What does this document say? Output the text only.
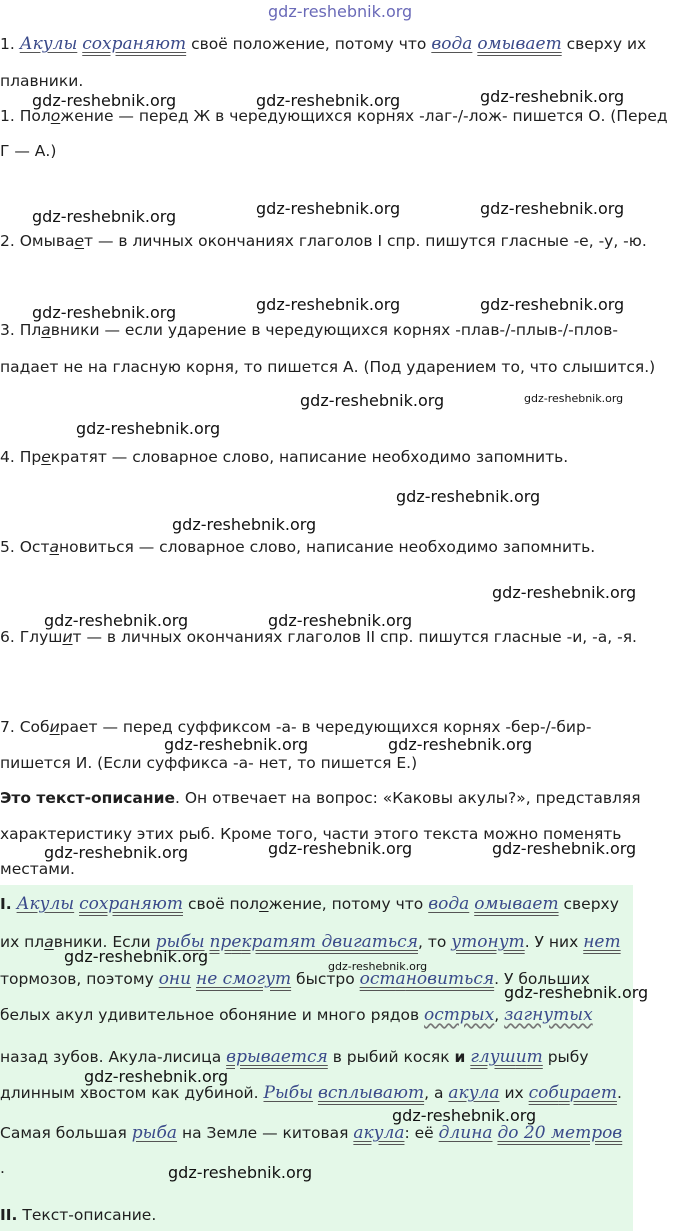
gdz-reshebnik.org
1. Акулы сохраняют своё положение, потому что вода омывает сверху их
плавники.
gdz-reshebnik.org	gdz-reshebnik.org	gdz-reshebnik.org
1. Положение — перед Ж в чередующихся корнях -лаг-/-лож- пишется О. (Перед
Г — А.)
gdz-reshebnik.org	gdz-reshebnik.org	gdz-reshebnik.org
2. Омывает — в личных окончаниях глаголов I спр. пишутся гласные -е, -у, -ю.
gdz-reshebnik.org	gdz-reshebnik.org	gdz-reshebnik.org
3. Плавники — если ударение в чередующихся корнях -плав-/-плыв-/-плов-
падает не на гласную корня, то пишется А. (Под ударением то, что слышится.)
gdz-reshebnik.org	gdz-reshebnik.org
gdz-reshebnik.org
4. Прекратят — словарное слово, написание необходимо запомнить.
gdz-reshebnik.org
gdz-reshebnik.org
5. Остановиться — словарное слово, написание необходимо запомнить.
gdz-reshebnik.org
gdz-reshebnik.org	gdz-reshebnik.org
6. Глушит — в личных окончаниях глаголов II спр. пишутся гласные -и, -а, -я.
7. Собирает — перед суффиксом -а- в чередующихся корнях -бер-/-бир-
gdz-reshebnik.org	gdz-reshebnik.org
пишется И. (Если суффикса -а- нет, то пишется Е.)
Это текст-описание. Он отвечает на вопрос: «Каковы акулы?», представляя
характеристику этих рыб. Кроме того, части этого текста можно поменять
gdz-reshebnik.org	gdz-reshebnik.org	gdz-reshebnik.org
местами.
I. Акулы сохраняют своё положение, потому что вода омывает сверху
их плавники. Если рыбы прекратят двигаться, то утонут. У них нет
gdz-reshebnik.org
gdz-reshebnik.org
тормозов, поэтому они не смогут быстро остановиться. У больших
gdz-reshebnik.org
белых акул удивительное обоняние и много рядов острых, загнутых
назад зубов. Акула-лисица врывается в рыбий косяк и глушит рыбу
gdz-reshebnik.org
длинным хвостом как дубиной. Рыбы всплывают, а акула их собирает.
gdz-reshebnik.org
Самая большая рыба на Земле — китовая акула: её длина до 20 метров
.	gdz-reshebnik.org
II. Текст-описание.
